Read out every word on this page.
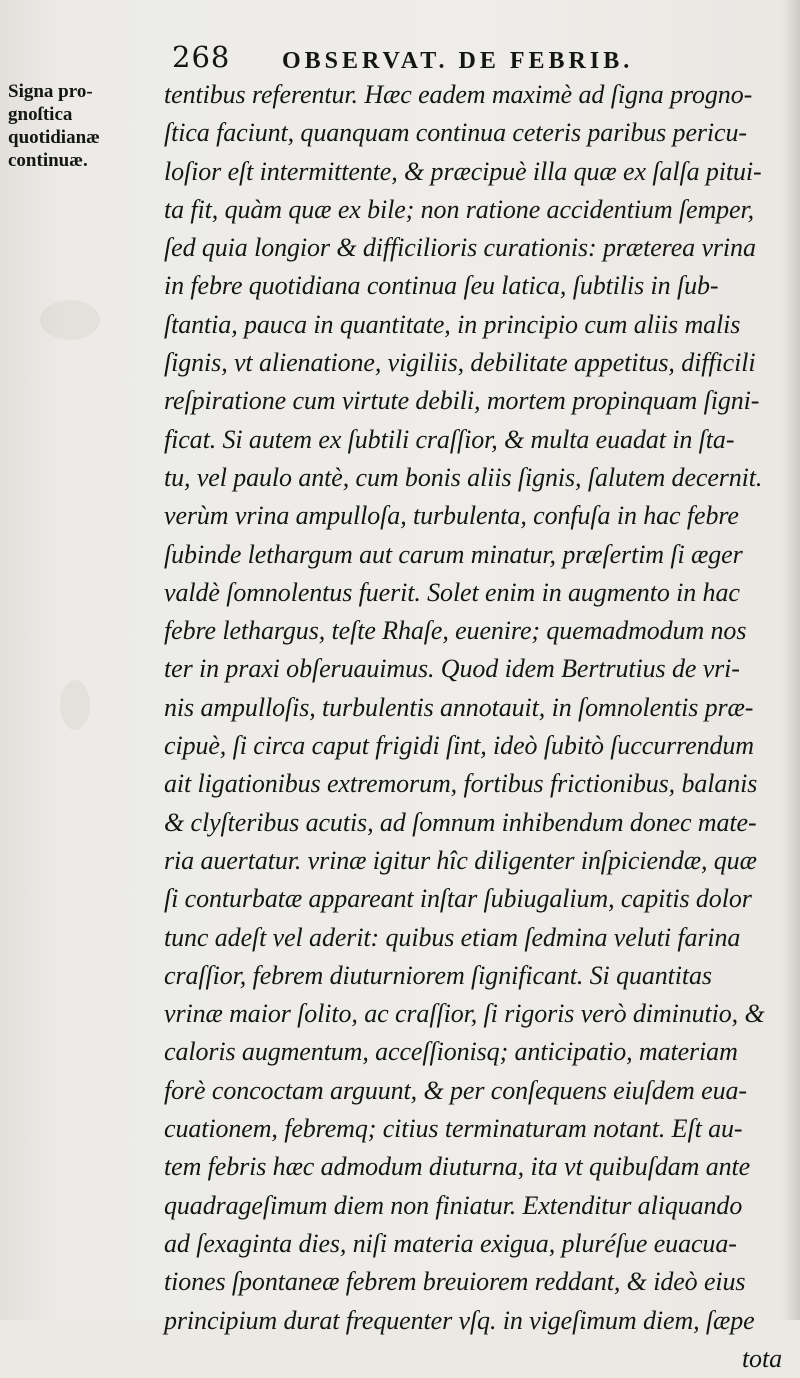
268 OBSERVAT. DE FEBRIB.
Signa pro-
gnoſtica
quotidianæ
continuæ.
tentibus referentur. Hæc eadem maximè ad ſigna progno-
ſtica faciunt, quanquam continua ceteris paribus pericu-
loſior eſt intermittente, & præcipuè illa quæ ex ſalſa pitui-
ta fit, quàm quæ ex bile; non ratione accidentium ſemper,
ſed quia longior & difficilioris curationis: præterea vrina
in febre quotidiana continua ſeu latica, ſubtilis in ſub-
ſtantia, pauca in quantitate, in principio cum aliis malis
ſignis, vt alienatione, vigiliis, debilitate appetitus, difficili
reſpiratione cum virtute debili, mortem propinquam ſigni-
ficat. Si autem ex ſubtili craſſior, & multa euadat in ſta-
tu, vel paulo antè, cum bonis aliis ſignis, ſalutem decernit.
verùm vrina ampulloſa, turbulenta, confuſa in hac febre
ſubinde lethargum aut carum minatur, præſertim ſi æger
valdè ſomnolentus fuerit. Solet enim in augmento in hac
febre lethargus, teſte Rhaſe, euenire; quemadmodum nos
ter in praxi obſeruauimus. Quod idem Bertrutius de vri-
nis ampulloſis, turbulentis annotauit, in ſomnolentis præ-
cipuè, ſi circa caput frigidi ſint, ideò ſubitò ſuccurrendum
ait ligationibus extremorum, fortibus frictionibus, balanis
& clyſteribus acutis, ad ſomnum inhibendum donec mate-
ria auertatur. vrinæ igitur hîc diligenter inſpiciendæ, quæ
ſi conturbatæ appareant inſtar ſubiugalium, capitis dolor
tunc adeſt vel aderit: quibus etiam ſedmina veluti farina
craſſior, febrem diuturniorem ſignificant. Si quantitas
vrinæ maior ſolito, ac craſſior, ſi rigoris verò diminutio, &
caloris augmentum, acceſſionisq; anticipatio, materiam
forè concoctam arguunt, & per conſequens eiuſdem eua-
cuationem, febremq; citius terminaturam notant. Eſt au-
tem febris hæc admodum diuturna, ita vt quibuſdam ante
quadrageſimum diem non finiatur. Extenditur aliquando
ad ſexaginta dies, niſi materia exigua, pluréſue euacua-
tiones ſpontaneæ febrem breuiorem reddant, & ideò eius
principium durat frequenter vſq. in vigeſimum diem, ſæpe
tota
